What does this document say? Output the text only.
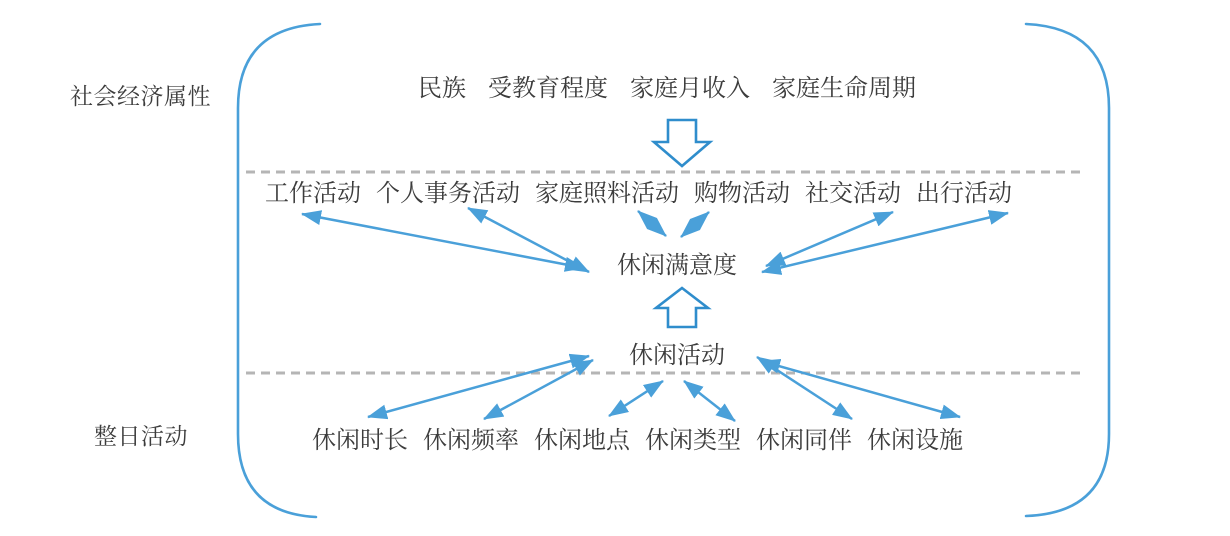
社会经济属性
整日活动
民族 受教育程度 家庭月收入 家庭生命周期
工作活动 个人事务活动 家庭照料活动 购物活动 社交活动 出行活动
休闲满意度
休闲活动
休闲时长 休闲频率 休闲地点 休闲类型 休闲同伴 休闲设施
